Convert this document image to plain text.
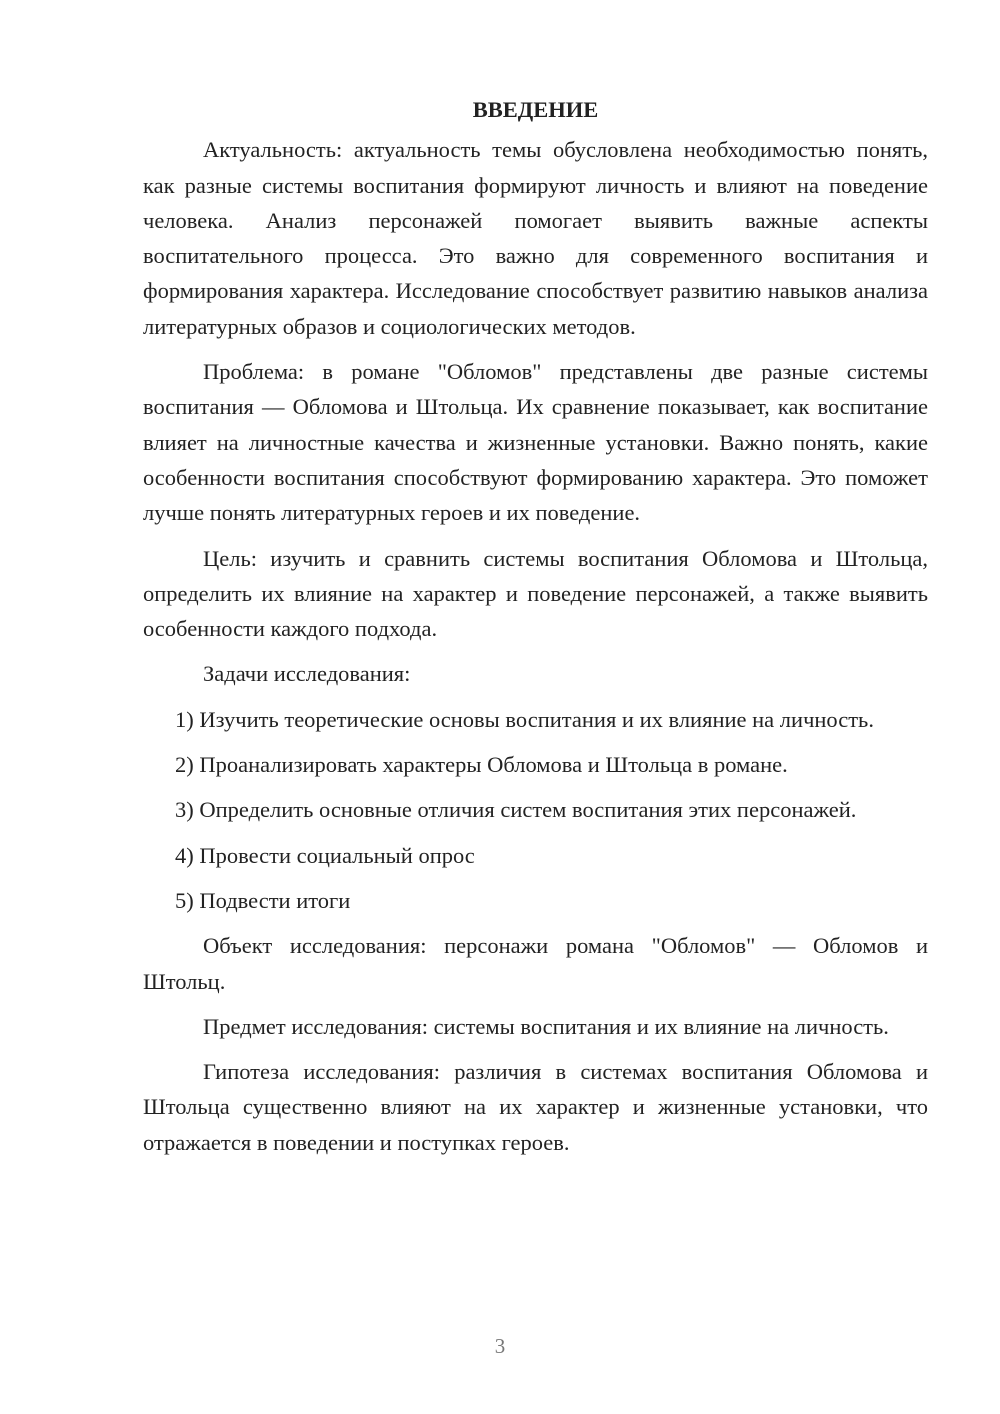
ВВЕДЕНИЕ

Актуальность: актуальность темы обусловлена необходимостью понять, как разные системы воспитания формируют личность и влияют на поведение человека. Анализ персонажей помогает выявить важные аспекты воспитательного процесса. Это важно для современного воспитания и формирования характера. Исследование способствует развитию навыков анализа литературных образов и социологических методов.

Проблема: в романе "Обломов" представлены две разные системы воспитания — Обломова и Штольца. Их сравнение показывает, как воспитание влияет на личностные качества и жизненные установки. Важно понять, какие особенности воспитания способствуют формированию характера. Это поможет лучше понять литературных героев и их поведение.

Цель: изучить и сравнить системы воспитания Обломова и Штольца, определить их влияние на характер и поведение персонажей, а также выявить особенности каждого подхода.

Задачи исследования:

1) Изучить теоретические основы воспитания и их влияние на личность.

2) Проанализировать характеры Обломова и Штольца в романе.

3) Определить основные отличия систем воспитания этих персонажей.

4) Провести социальный опрос

5) Подвести итоги

Объект исследования: персонажи романа "Обломов" — Обломов и Штольц.

Предмет исследования: системы воспитания и их влияние на личность.

Гипотеза исследования: различия в системах воспитания Обломова и Штольца существенно влияют на их характер и жизненные установки, что отражается в поведении и поступках героев.

3
